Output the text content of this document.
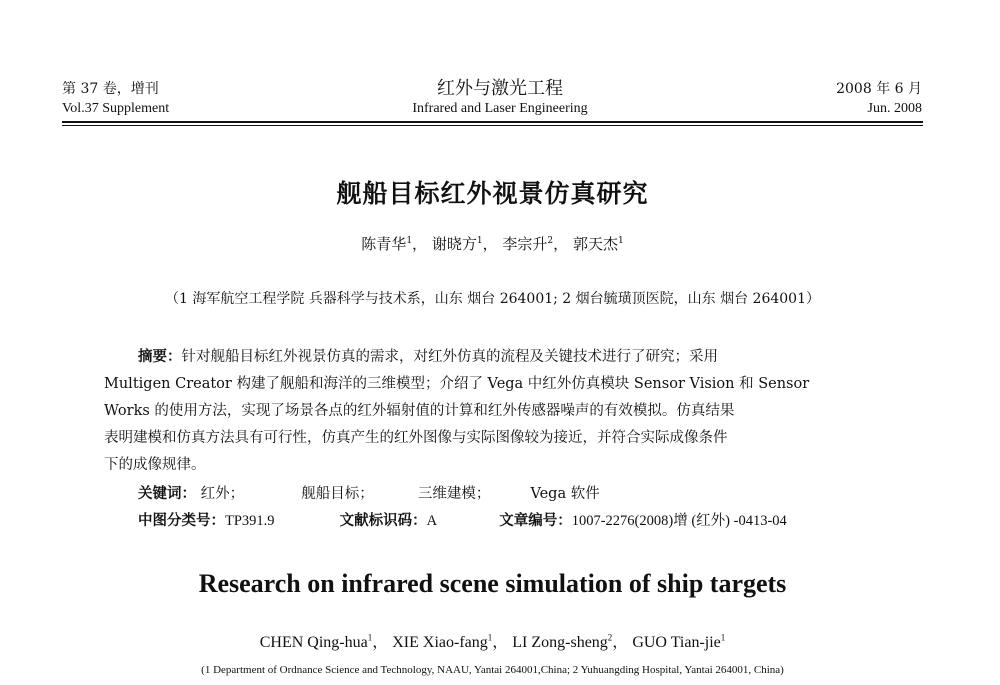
第 37 卷，增刊
Vol.37 Supplement
红外与激光工程
Infrared and Laser Engineering
2008 年 6 月
Jun. 2008
舰船目标红外视景仿真研究
陈青华$^1$， 谢晓方$^1$， 李宗升$^2$， 郭天杰$^1$
（1 海军航空工程学院 兵器科学与技术系，山东 烟台 264001; 2 烟台毓璜顶医院，山东 烟台 264001）
摘要：针对舰船目标红外视景仿真的需求，对红外仿真的流程及关键技术进行了研究；采用
Multigen Creator 构建了舰船和海洋的三维模型；介绍了 Vega 中红外仿真模块 Sensor Vision 和 Sensor
Works 的使用方法，实现了场景各点的红外辐射值的计算和红外传感器噪声的有效模拟。仿真结果
表明建模和仿真方法具有可行性，仿真产生的红外图像与实际图像较为接近，并符合实际成像条件
下的成像规律。
关键词： 红外；	舰船目标；	三维建模；	Vega 软件
中图分类号：TP391.9	文献标识码：A	文章编号：1007-2276(2008)增 (红外) -0413-04
Research on infrared scene simulation of ship targets
CHEN Qing-hua$^1$， XIE Xiao-fang$^1$， LI Zong-sheng$^2$， GUO Tian-jie$^1$
(1 Department of Ordnance Science and Technology, NAAU, Yantai 264001,China; 2 Yuhuangding Hospital, Yantai 264001, China)
